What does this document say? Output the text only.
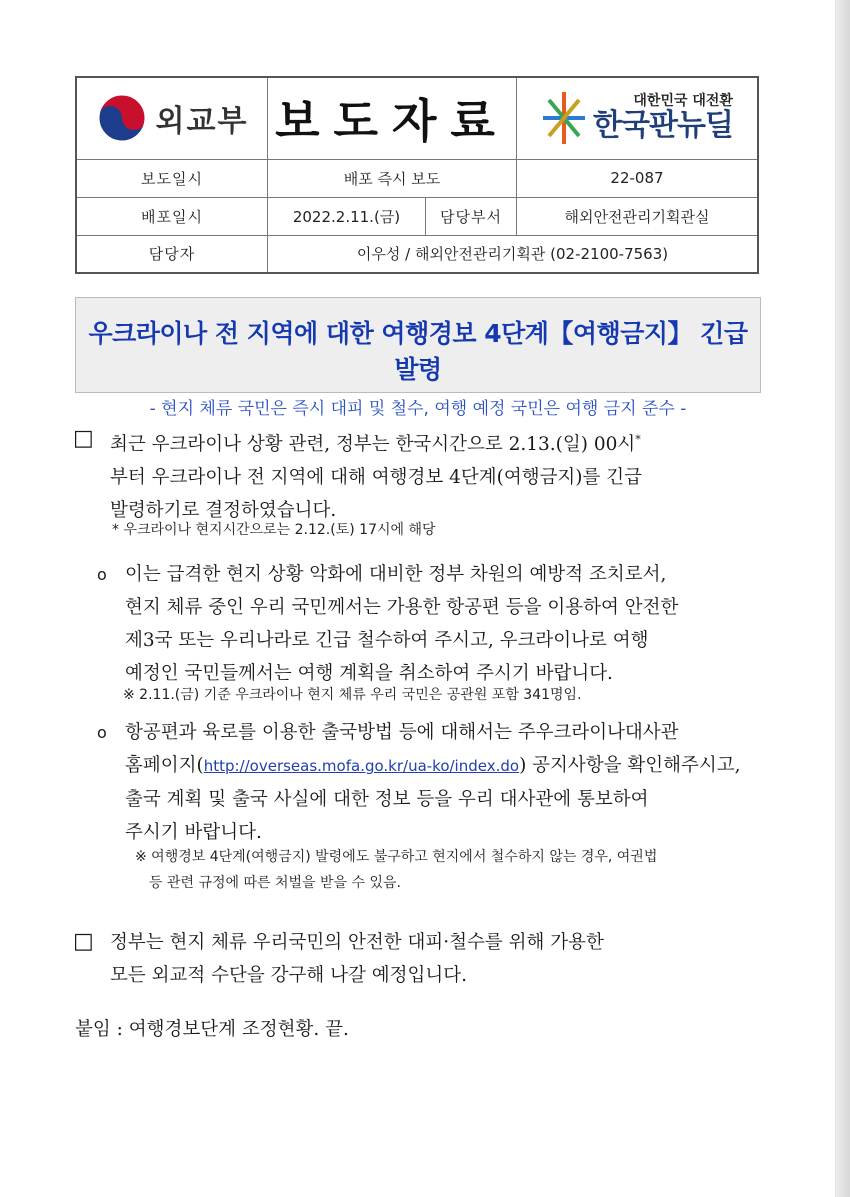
외교부	보도자료		대한민국 대전환
한국판뉴딜

보도일시	배포 즉시 보도		22-087
배포일시	2022.2.11.(금)	담당부서	해외안전관리기획관실
담당자	이우성 / 해외안전관리기획관 (02-2100-7563)		
우크라이나 전 지역에 대한 여행경보 4단계【여행금지】 긴급 발령
- 현지 체류 국민은 즉시 대피 및 철수, 여행 예정 국민은 여행 금지 준수 -
□ 최근 우크라이나 상황 관련, 정부는 한국시간으로 2.13.(일) 00시*
부터 우크라이나 전 지역에 대해 여행경보 4단계(여행금지)를 긴급
발령하기로 결정하였습니다.
* 우크라이나 현지시간으로는 2.12.(토) 17시에 해당
o 이는 급격한 현지 상황 악화에 대비한 정부 차원의 예방적 조치로서,
현지 체류 중인 우리 국민께서는 가용한 항공편 등을 이용하여 안전한
제3국 또는 우리나라로 긴급 철수하여 주시고, 우크라이나로 여행
예정인 국민들께서는 여행 계획을 취소하여 주시기 바랍니다.
※ 2.11.(금) 기준 우크라이나 현지 체류 우리 국민은 공관원 포함 341명임.
o 항공편과 육로를 이용한 출국방법 등에 대해서는 주우크라이나대사관
홈페이지(http://overseas.mofa.go.kr/ua-ko/index.do) 공지사항을 확인해주시고,
출국 계획 및 출국 사실에 대한 정보 등을 우리 대사관에 통보하여
주시기 바랍니다.
※ 여행경보 4단계(여행금지) 발령에도 불구하고 현지에서 철수하지 않는 경우, 여권법
등 관련 규정에 따른 처벌을 받을 수 있음.
□ 정부는 현지 체류 우리국민의 안전한 대피·철수를 위해 가용한
모든 외교적 수단을 강구해 나갈 예정입니다.
붙임 : 여행경보단계 조정현황. 끝.
